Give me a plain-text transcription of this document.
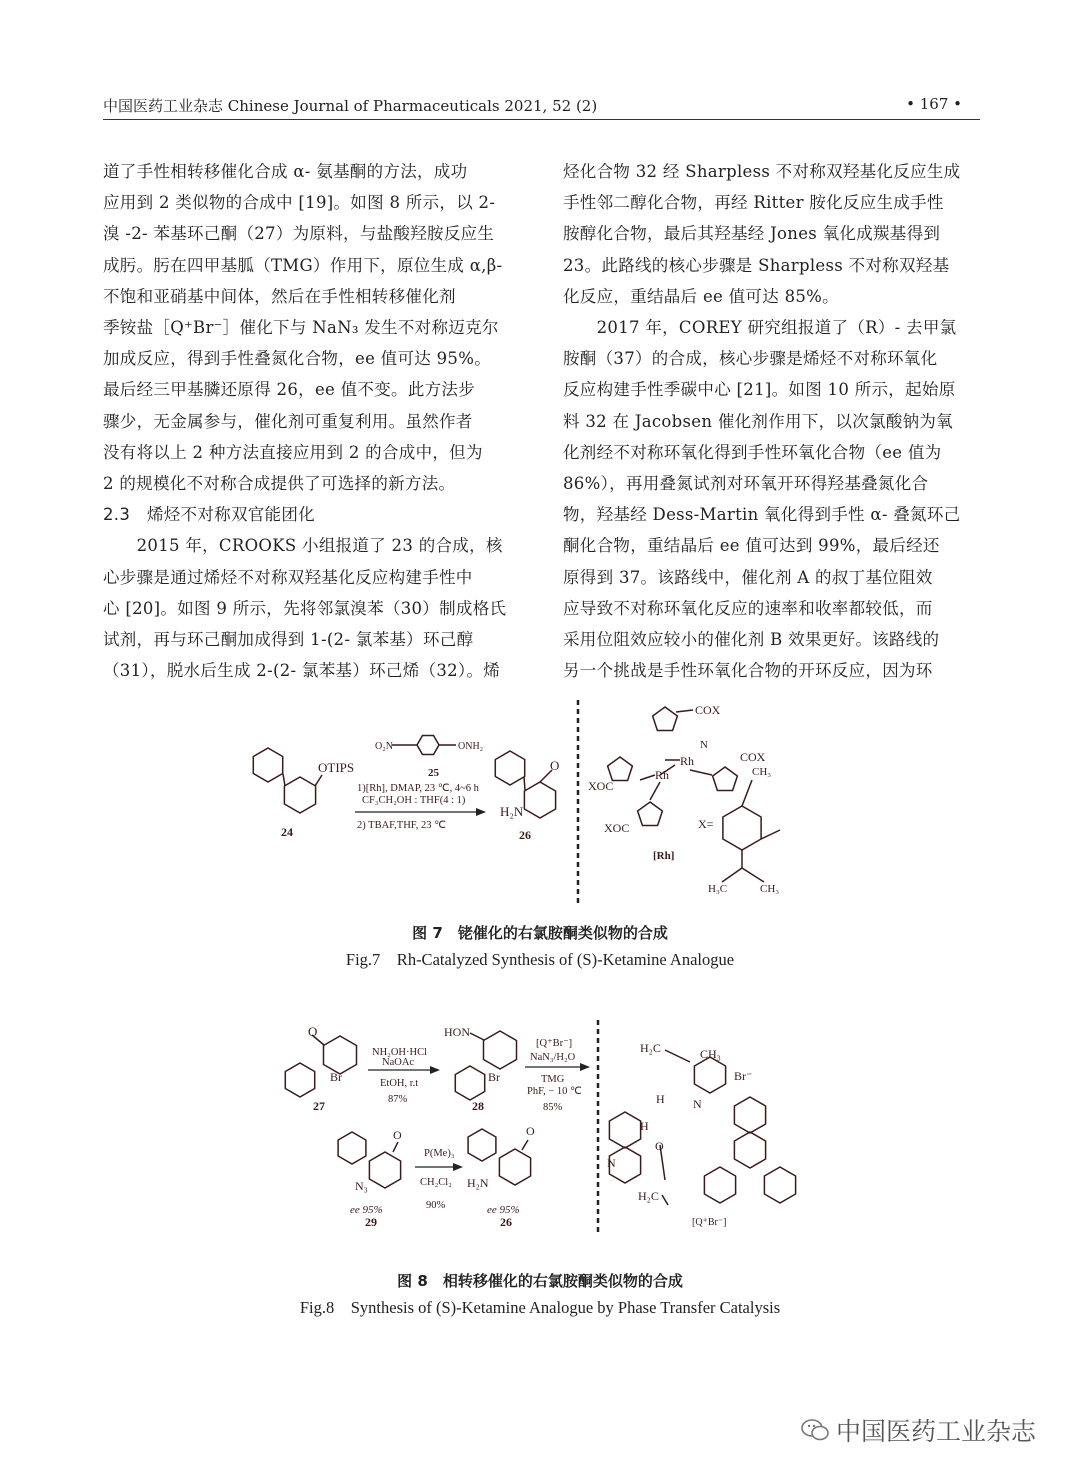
中国医药工业杂志 Chinese Journal of Pharmaceuticals 2021, 52 (2)	• 167 •
道了手性相转移催化合成 α- 氨基酮的方法，成功
应用到 2 类似物的合成中 [19]。如图 8 所示，以 2-
溴 -2- 苯基环己酮（27）为原料，与盐酸羟胺反应生
成肟。肟在四甲基胍（TMG）作用下，原位生成 α,β-
不饱和亚硝基中间体，然后在手性相转移催化剂
季铵盐［Q⁺Br⁻］催化下与 NaN₃ 发生不对称迈克尔
加成反应，得到手性叠氮化合物，ee 值可达 95%。
最后经三甲基膦还原得 26，ee 值不变。此方法步
骤少，无金属参与，催化剂可重复利用。虽然作者
没有将以上 2 种方法直接应用到 2 的合成中，但为
2 的规模化不对称合成提供了可选择的新方法。
2.3　烯烃不对称双官能团化
　　2015 年，CROOKS 小组报道了 23 的合成，核
心步骤是通过烯烃不对称双羟基化反应构建手性中
心 [20]。如图 9 所示，先将邻氯溴苯（30）制成格氏
试剂，再与环己酮加成得到 1-(2- 氯苯基）环己醇
（31），脱水后生成 2-(2- 氯苯基）环己烯（32）。烯
烃化合物 32 经 Sharpless 不对称双羟基化反应生成
手性邻二醇化合物，再经 Ritter 胺化反应生成手性
胺醇化合物，最后其羟基经 Jones 氧化成羰基得到
23。此路线的核心步骤是 Sharpless 不对称双羟基
化反应，重结晶后 ee 值可达 85%。
　　2017 年，COREY 研究组报道了（R）- 去甲氯
胺酮（37）的合成，核心步骤是烯烃不对称环氧化
反应构建手性季碳中心 [21]。如图 10 所示，起始原
料 32 在 Jacobsen 催化剂作用下，以次氯酸钠为氧
化剂经不对称环氧化得到手性环氧化合物（ee 值为
86%），再用叠氮试剂对环氧开环得羟基叠氮化合
物，羟基经 Dess-Martin 氧化得到手性 α- 叠氮环己
酮化合物，重结晶后 ee 值可达到 99%，最后经还
原得到 37。该路线中，催化剂 A 的叔丁基位阻效
应导致不对称环氧化反应的速率和收率都较低，而
采用位阻效应较小的催化剂 B 效果更好。该路线的
另一个挑战是手性环氧化合物的开环反应，因为环
OTIPS
24
O₂N	ONH₂
25
1)[Rh], DMAP, 23 ℃, 4~6 h
CF₃CH₂OH : THF(4 : 1)
2) TBAF,THF, 23 ℃
O
H₂N
26
COX
COX
XOC
XOC
Rh
Rh
N
[Rh]
X=
CH₃
H₃C	CH₃
图 7　铑催化的右氯胺酮类似物的合成
Fig.7　Rh-Catalyzed Synthesis of (S)-Ketamine Analogue
O
Br
27
NH₂OH·HCl
NaOAc
EtOH, r.t
87%
HON
Br
28
[Q⁺Br⁻]
NaN₃/H₂O
TMG
PhF, − 10 ℃
85%
O
N₃
ee 95%
29
P(Me)₃
CH₂Cl₂
90%
O
H₂N
ee 95%
26
H₂C	CH₃
Br⁻
H N
H
O
N
H₂C
[Q⁺Br⁻]
图 8　相转移催化的右氯胺酮类似物的合成
Fig.8　Synthesis of (S)-Ketamine Analogue by Phase Transfer Catalysis
中国医药工业杂志
